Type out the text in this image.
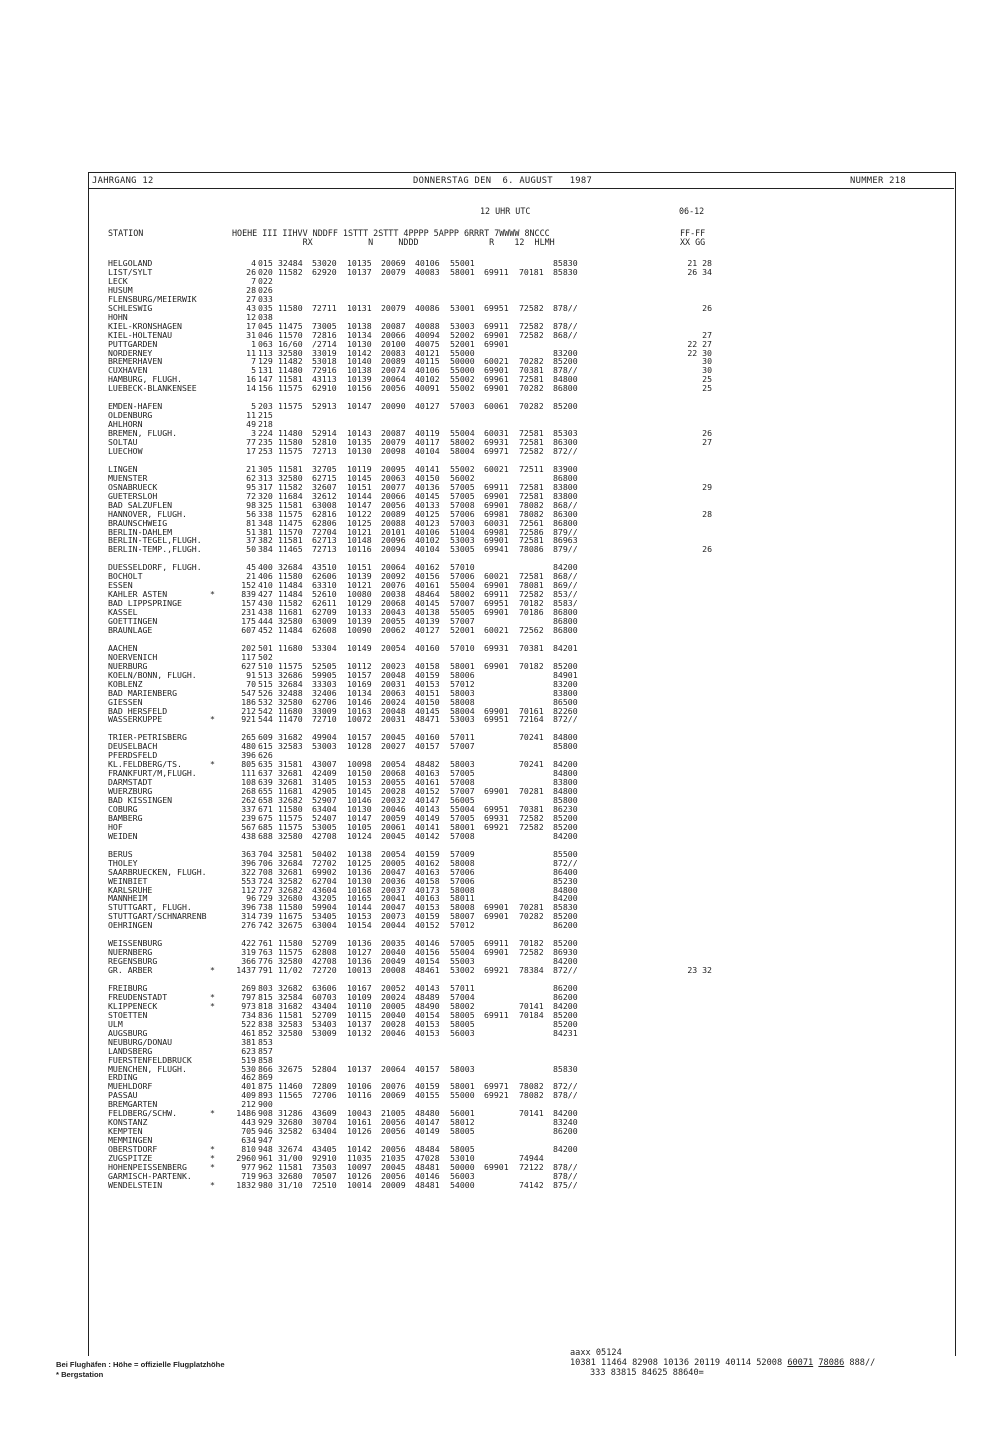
JAHRGANG 12	DONNERSTAG DEN  6. AUGUST   1987	NUMMER 218
12 UHR UTC	06-12
STATION	HOEHE III IIHVV NDDFF 1STTT 2STTT 4PPPP 5APPP 6RRRT 7WWWW 8NCCC
RX           N     NDDD              R    12  HLMH
FF-FF
XX GG
HELGOLAND	4 015 32484 53020 10135 20069 40106 55001	85830	21 28
LIST/SYLT	26 020 11582 62920 10137 20079 40083 58001 69911 70181 85830	26 34
LECK	7 022
HUSUM	28 026
FLENSBURG/MEIERWIK	27 033
SCHLESWIG	43 035 11580 72711 10131 20079 40086 53001 69951 72582 878//	26
HOHN	12 038
KIEL-KRONSHAGEN	17 045 11475 73005 10138 20087 40088 53003 69911 72582 878//
KIEL-HOLTENAU	31 046 11570 72816 10134 20066 40094 52002 69901 72582 868//	27
PUTTGARDEN	1 063 16/60 /2714 10130 20100 40075 52001 69901	22 27
NORDERNEY	11 113 32580 33019 10142 20083 40121 55000	83200	22 30
BREMERHAVEN	7 129 11482 53018 10140 20089 40115 50000 60021 70282 85200	30
CUXHAVEN	5 131 11480 72916 10138 20074 40106 55000 69901 70381 878//	30
HAMBURG, FLUGH.	16 147 11581 43113 10139 20064 40102 55002 69961 72581 84800	25
LUEBECK-BLANKENSEE	14 156 11575 62910 10156 20056 40091 55002 69901 70282 86800	25
EMDEN-HAFEN	5 203 11575 52913 10147 20090 40127 57003 60061 70282 85200
OLDENBURG	11 215
AHLHORN	49 218
BREMEN, FLUGH.	3 224 11480 52914 10143 20087 40119 55004 60031 72581 85303	26
SOLTAU	77 235 11580 52810 10135 20079 40117 58002 69931 72581 86300	27
LUECHOW	17 253 11575 72713 10130 20098 40104 58004 69971 72582 872//
LINGEN	21 305 11581 32705 10119 20095 40141 55002 60021 72511 83900
MUENSTER	62 313 32580 62715 10145 20063 40150 56002	86800
OSNABRUECK	95 317 11582 32607 10151 20077 40136 57005 69911 72581 83800	29
GUETERSLOH	72 320 11684 32612 10144 20066 40145 57005 69901 72581 83800
BAD SALZUFLEN	98 325 11581 63008 10147 20056 40133 57008 69901 78082 868//
HANNOVER, FLUGH.	56 338 11575 62816 10122 20089 40125 57006 69981 78082 86300	28
BRAUNSCHWEIG	81 348 11475 62806 10125 20088 40123 57003 60031 72561 86800
BERLIN-DAHLEM	51 381 11570 72704 10121 20101 40106 51004 69981 72586 879//
BERLIN-TEGEL,FLUGH.	37 382 11581 62713 10148 20096 40102 53003 69901 72581 86963
BERLIN-TEMP.,FLUGH.	50 384 11465 72713 10116 20094 40104 53005 69941 78086 879//	26
DUESSELDORF, FLUGH.	45 400 32684 43510 10151 20064 40162 57010	84200
BOCHOLT	21 406 11580 62606 10139 20092 40156 57006 60021 72581 868//
ESSEN	152 410 11484 63310 10121 20076 40161 55004 69901 78081 869//
KAHLER ASTEN	*	839 427 11484 52610 10080 20038 48464 58002 69911 72582 853//
BAD LIPPSPRINGE	157 430 11582 62611 10129 20068 40145 57007 69951 70182 8583/
KASSEL	231 438 11681 62709 10133 20043 40138 55005 69901 70186 86800
GOETTINGEN	175 444 32580 63009 10139 20055 40139 57007	86800
BRAUNLAGE	607 452 11484 62608 10090 20062 40127 52001 60021 72562 86800
AACHEN	202 501 11680 53304 10149 20054 40160 57010 69931 70381 84201
NOERVENICH	117 502
NUERBURG	627 510 11575 52505 10112 20023 40158 58001 69901 70182 85200
KOELN/BONN, FLUGH.	91 513 32686 59905 10157 20048 40159 58006	84901
KOBLENZ	70 515 32684 33303 10169 20031 40153 57012	83200
BAD MARIENBERG	547 526 32488 32406 10134 20063 40151 58003	83800
GIESSEN	186 532 32580 62706 10146 20024 40150 58008	86500
BAD HERSFELD	212 542 11680 33009 10163 20048 40145 58004 69901 70161 82260
WASSERKUPPE	*	921 544 11470 72710 10072 20031 48471 53003 69951 72164 872//
TRIER-PETRISBERG	265 609 31682 49904 10157 20045 40160 57011	70241 84800
DEUSELBACH	480 615 32583 53003 10128 20027 40157 57007	85800
PFERDSFELD	396 626
KL.FELDBERG/TS.	*	805 635 31581 43007 10098 20054 48482 58003	70241 84200
FRANKFURT/M,FLUGH.	111 637 32681 42409 10150 20068 40163 57005	84800
DARMSTADT	108 639 32681 31405 10153 20055 40161 57008	83800
WUERZBURG	268 655 11681 42905 10145 20028 40152 57007 69901 70281 84800
BAD KISSINGEN	262 658 32682 52907 10146 20032 40147 56005	85800
COBURG	337 671 11580 63404 10130 20046 40143 55004 69951 70381 86230
BAMBERG	239 675 11575 52407 10147 20059 40149 57005 69931 72582 85200
HOF	567 685 11575 53005 10105 20061 40141 58001 69921 72582 85200
WEIDEN	438 688 32580 42708 10124 20045 40142 57008	84200
BERUS	363 704 32581 50402 10138 20054 40159 57009	85500
THOLEY	396 706 32684 72702 10125 20005 40162 58008	872//
SAARBRUECKEN, FLUGH.	322 708 32681 69902 10136 20047 40163 57006	86400
WEINBIET	553 724 32582 62704 10130 20036 40158 57006	85230
KARLSRUHE	112 727 32682 43604 10168 20037 40173 58008	84800
MANNHEIM	96 729 32680 43205 10165 20041 40163 58011	84200
STUTTGART, FLUGH.	396 738 11580 59904 10144 20047 40153 58008 69901 70281 85830
STUTTGART/SCHNARRENB	314 739 11675 53405 10153 20073 40159 58007 69901 70282 85200
OEHRINGEN	276 742 32675 63004 10154 20044 40152 57012	86200
WEISSENBURG	422 761 11580 52709 10136 20035 40146 57005 69911 70182 85200
NUERNBERG	319 763 11575 62808 10127 20040 40156 55004 69901 72582 86930
REGENSBURG	366 776 32580 42708 10136 20049 40154 55003	84200
GR. ARBER	*	1437 791 11/02 72720 10013 20008 48461 53002 69921 78384 872//	23 32
FREIBURG	269 803 32682 63606 10167 20052 40143 57011	86200
FREUDENSTADT	*	797 815 32584 60703 10109 20024 48489 57004	86200
KLIPPENECK	*	973 818 31682 43404 10110 20005 48490 58002	70141 84200
STOETTEN	734 836 11581 52709 10115 20040 40154 58005 69911 70184 85200
ULM	522 838 32583 53403 10137 20028 40153 58005	85200
AUGSBURG	461 852 32580 53009 10132 20046 40153 56003	84231
NEUBURG/DONAU	381 853
LANDSBERG	623 857
FUERSTENFELDBRUCK	519 858
MUENCHEN, FLUGH.	530 866 32675 52804 10137 20064 40157 58003	85830
ERDING	462 869
MUEHLDORF	401 875 11460 72809 10106 20076 40159 58001 69971 78082 872//
PASSAU	409 893 11565 72706 10116 20069 40155 55000 69921 78082 878//
BREMGARTEN	212 900
FELDBERG/SCHW.	*	1486 908 31286 43609 10043 21005 48480 56001	70141 84200
KONSTANZ	443 929 32680 30704 10161 20056 40147 58012	83240
KEMPTEN	705 946 32582 63404 10126 20056 40149 58005	86200
MEMMINGEN	634 947
OBERSTDORF	*	810 948 32674 43405 10142 20056 48484 58005	84200
ZUGSPITZE	*	2960 961 31/00 92910 11035 21035 47028 53010	74944
HOHENPEISSENBERG	*	977 962 11581 73503 10097 20045 48481 50000 69901 72122 878//
GARMISCH-PARTENK.	719 963 32680 70507 10126 20056 40146 56003	878//
WENDELSTEIN	*	1832 980 31/10 72510 10014 20009 48481 54000	74142 875//
Bei Flughäfen : Höhe = offizielle Flugplatzhöhe
* Bergstation
aaxx 05124
10381 11464 82908 10136 20119 40114 52008 60071 78086 888//
333 83815 84625 88640=
